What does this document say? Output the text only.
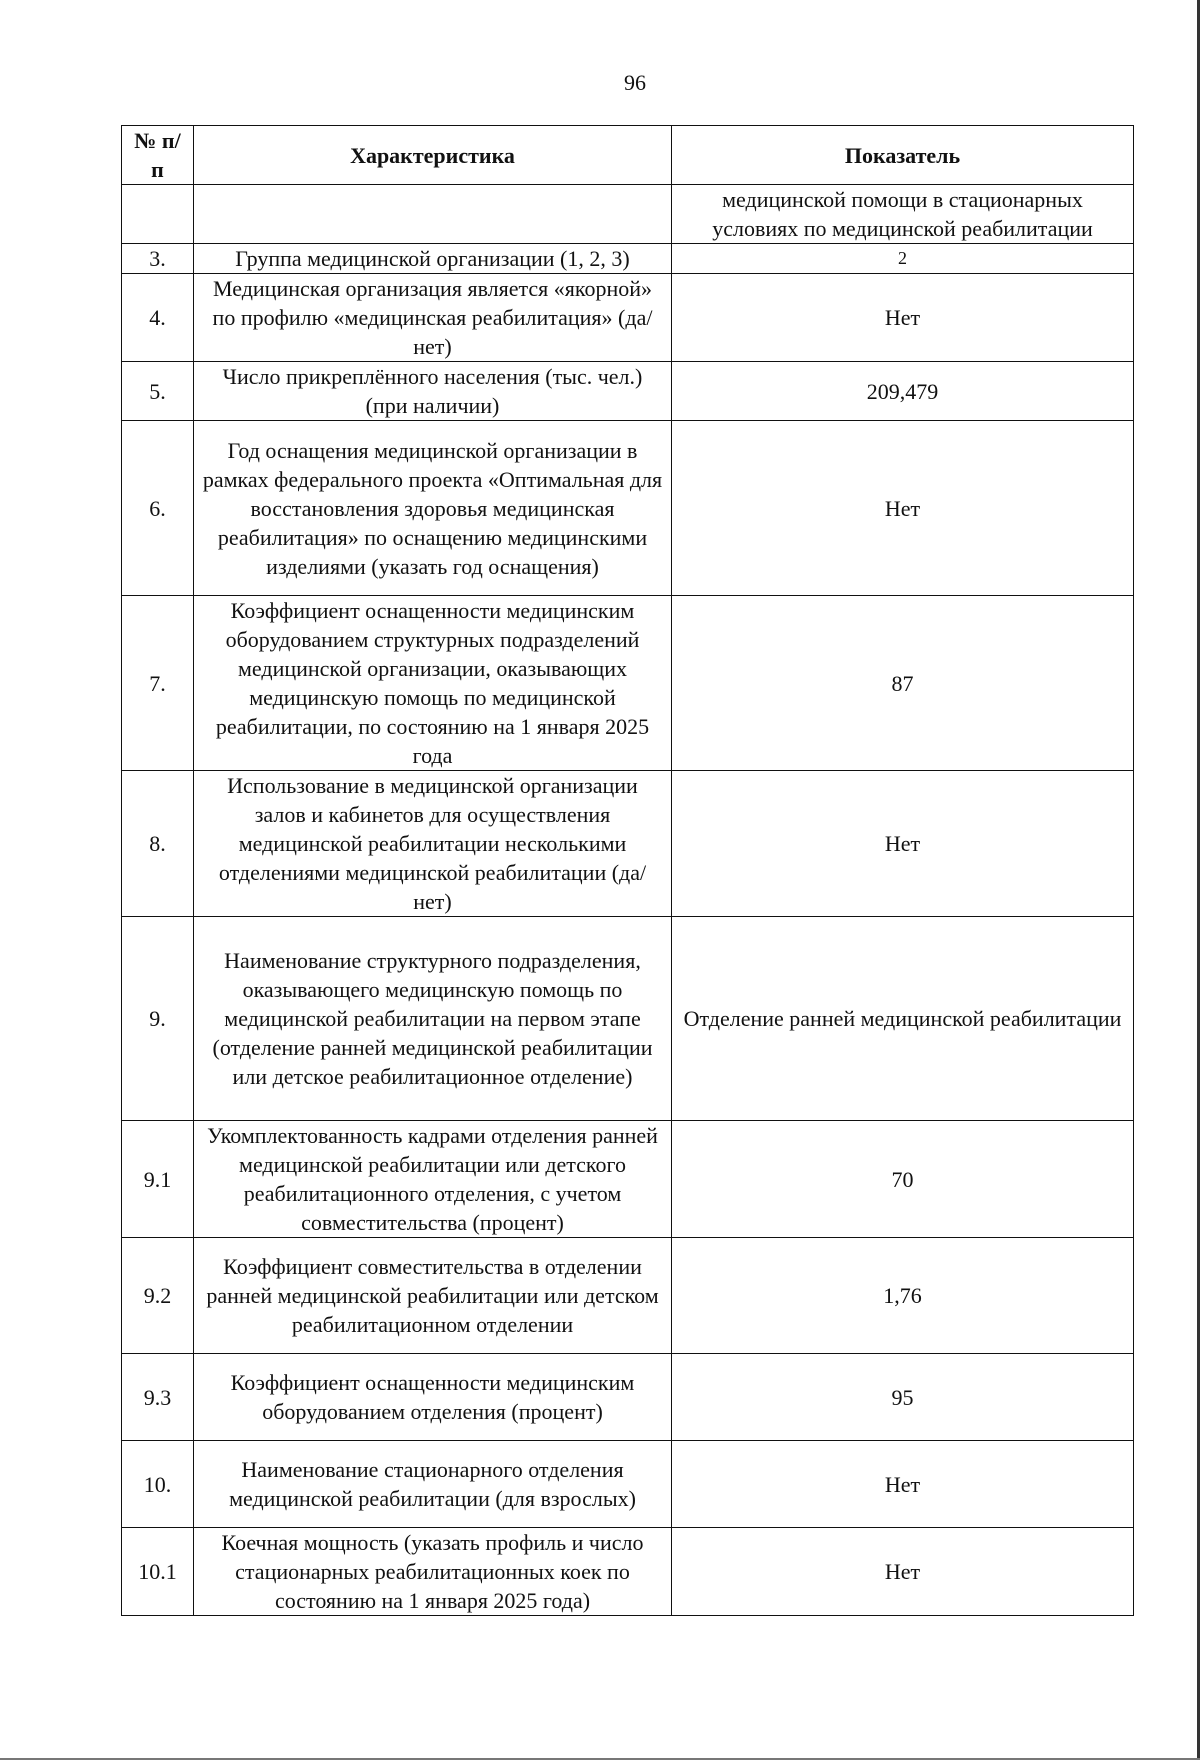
96
№ п/п	Характеристика	Показатель
		медицинской помощи в стационарных условиях по медицинской реабилитации
3.	Группа медицинской организации (1, 2, 3)	2
4.	Медицинская организация является «якорной» по профилю «медицинская реабилитация» (да/нет)	Нет
5.	Число прикреплённого населения (тыс. чел.) (при наличии)	209,479
6.	Год оснащения медицинской организации в рамках федерального проекта «Оптимальная для восстановления здоровья медицинская реабилитация» по оснащению медицинскими изделиями (указать год оснащения)	Нет
7.	Коэффициент оснащенности медицинским оборудованием структурных подразделений медицинской организации, оказывающих медицинскую помощь по медицинской реабилитации, по состоянию на 1 января 2025 года	87
8.	Использование в медицинской организации залов и кабинетов для осуществления медицинской реабилитации несколькими отделениями медицинской реабилитации (да/нет)	Нет
9.	Наименование структурного подразделения, оказывающего медицинскую помощь по медицинской реабилитации на первом этапе (отделение ранней медицинской реабилитации или детское реабилитационное отделение)	Отделение ранней медицинской реабилитации
9.1	Укомплектованность кадрами отделения ранней медицинской реабилитации или детского реабилитационного отделения, с учетом совместительства (процент)	70
9.2	Коэффициент совместительства в отделении ранней медицинской реабилитации или детском реабилитационном отделении	1,76
9.3	Коэффициент оснащенности медицинским оборудованием отделения (процент)	95
10.	Наименование стационарного отделения медицинской реабилитации (для взрослых)	Нет
10.1	Коечная мощность (указать профиль и число стационарных реабилитационных коек по состоянию на 1 января 2025 года)	Нет
